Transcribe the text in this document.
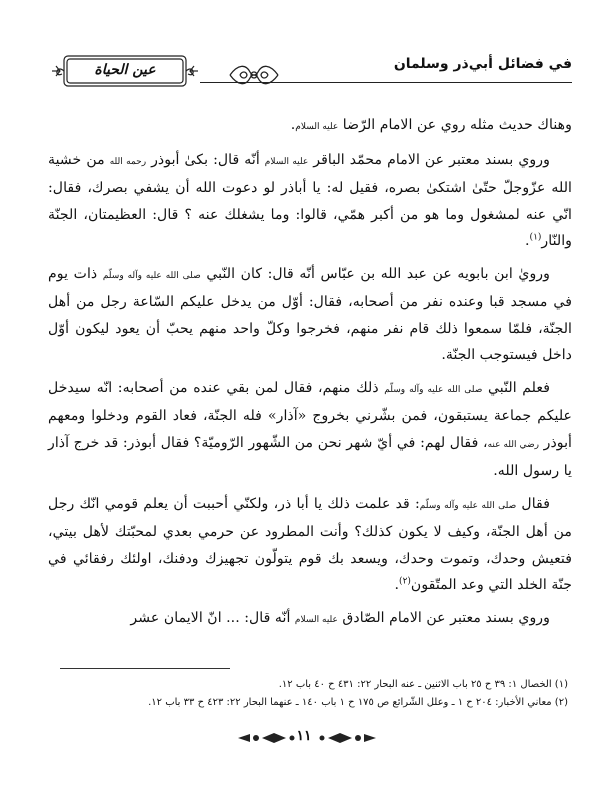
في فضائل أبي‌ذر وسلمان
عين الحياة

وهناك حديث مثله روي عن الامام الرّضا عليه السلام.

وروي بسند معتبر عن الامام محمّد الباقر عليه السلام أنّه قال: بكىٰ أبوذر رحمه الله من خشية الله عزّوجلّ حتّىٰ اشتكىٰ بصره، فقيل له: يا أباذر لو دعوت الله أن يشفي بصرك، فقال: انّي عنه لمشغول وما هو من أكبر همّي، قالوا: وما يشغلك عنه ؟ قال: العظيمتان، الجنّة والنّار$^{(١)}$.

ورويٰ ابن بابويه عن عبد الله بن عبّاس أنّه قال: كان النّبي صلى الله عليه وآله وسلّم ذات يوم في مسجد قبا وعنده نفر من أصحابه، فقال: أوّل من يدخل عليكم السّاعة رجل من أهل الجنّة، فلمّا سمعوا ذلك قام نفر منهم، فخرجوا وكلّ واحد منهم يحبّ أن يعود ليكون أوّل داخل فيستوجب الجنّة.

فعلم النّبي صلى الله عليه وآله وسلّم ذلك منهم، فقال لمن بقي عنده من أصحابه: انّه سيدخل عليكم جماعة يستبقون، فمن بشّرني بخروج «آذار» فله الجنّة، فعاد القوم ودخلوا ومعهم أبوذر رضي الله عنه، فقال لهم: في أيّ شهر نحن من الشّهور الرّوميّة؟ فقال أبوذر: قد خرج آذار يا رسول الله.

فقال صلى الله عليه وآله وسلّم: قد علمت ذلك يا أبا ذر، ولكنّي أحببت أن يعلم قومي انّك رجل من أهل الجنّة، وكيف لا يكون كذلك؟ وأنت المطرود عن حرمي بعدي لمحبّتك لأهل بيتي، فتعيش وحدك، وتموت وحدك، ويسعد بك قوم يتولّون تجهيزك ودفنك، اولئك رفقائي في جنّة الخلد التي وعد المتّقون$^{(٢)}$.

وروي بسند معتبر عن الامام الصّادق عليه السلام أنّه قال: ... انّ الايمان عشر

(١) الخصال ١: ٣٩ ح ٢٥ باب الاثنين ـ عنه البحار ٢٢: ٤٣١ ح ٤٠ باب ١٢.

(٢) معاني الأخبار: ٢٠٤ ح ١ ـ وعلل الشّرائع ص ١٧٥ ح ١ باب ١٤٠ ـ عنهما البحار ٢٢: ٤٢٣ ح ٣٣ باب ١٢.

١١
